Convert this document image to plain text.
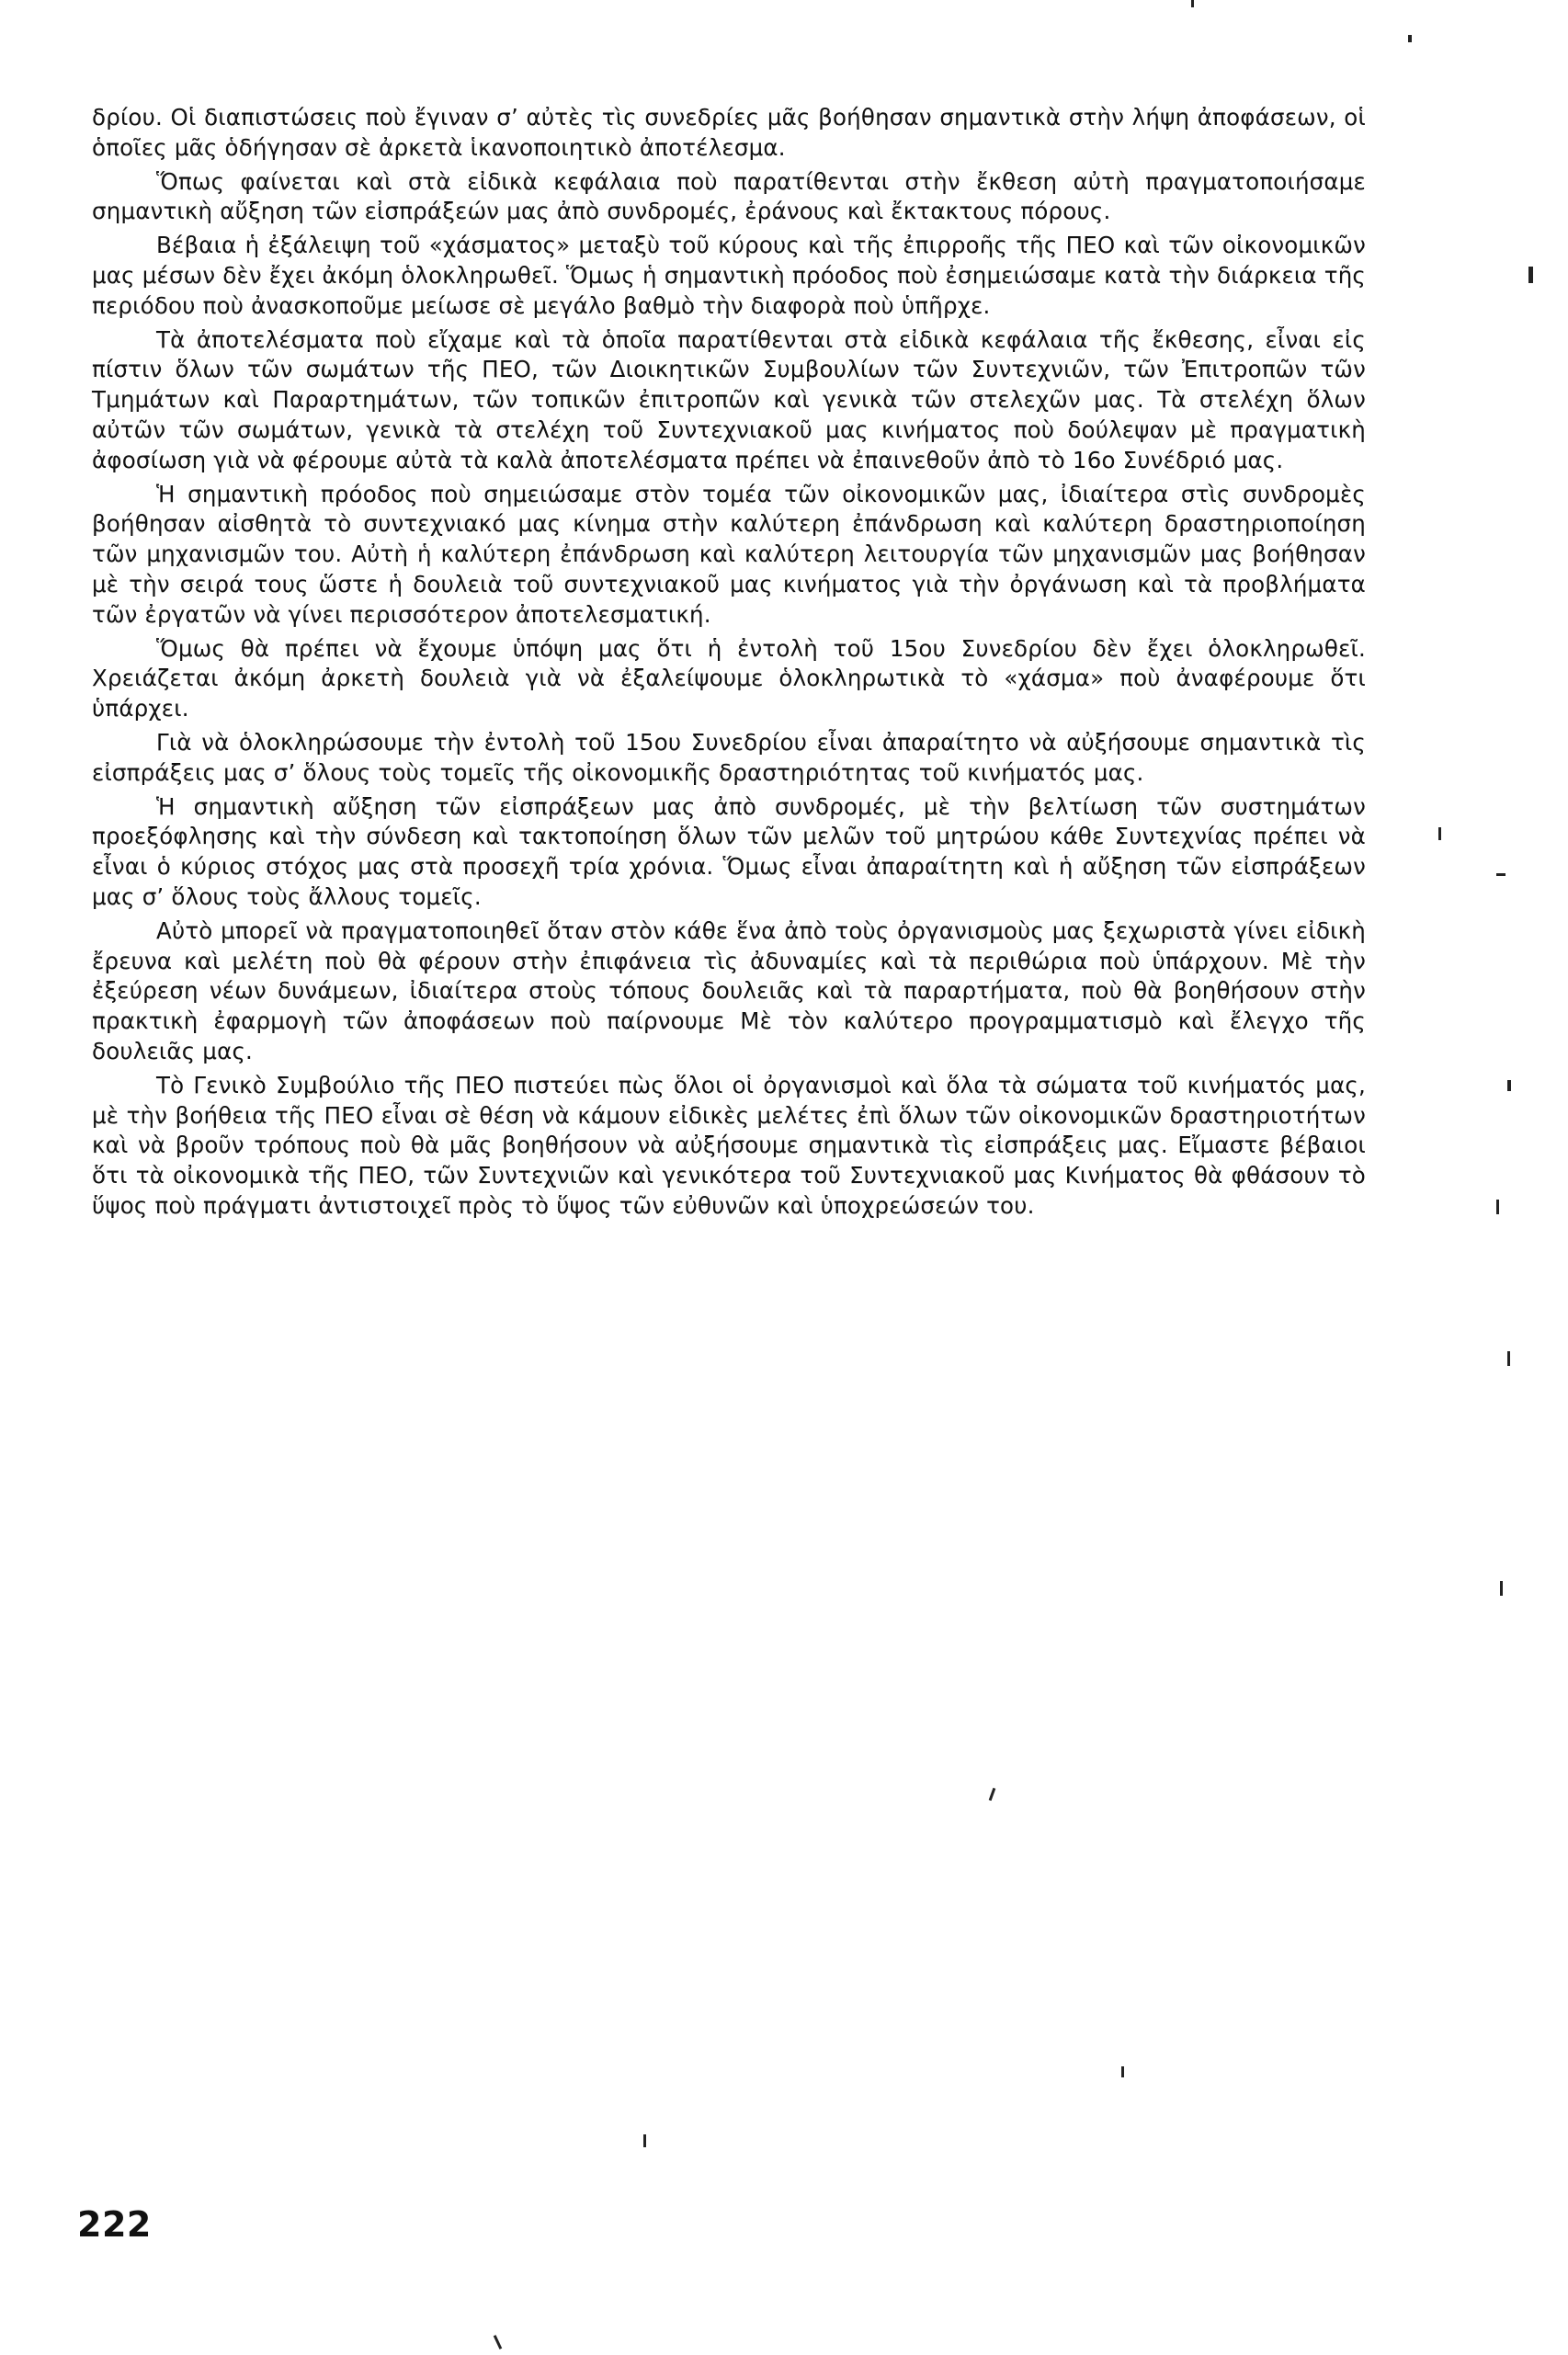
δρίου. Οἱ διαπιστώσεις ποὺ ἔγιναν σ’ αὐτὲς τὶς συνεδρίες μᾶς βοήθησαν σημαντικὰ στὴν λήψη ἀποφάσεων, οἱ ὁποῖες μᾶς ὁδήγησαν σὲ ἀρκετὰ ἱκανοποιητικὸ ἀποτέλεσμα.

Ὅπως φαίνεται καὶ στὰ εἰδικὰ κεφάλαια ποὺ παρατίθενται στὴν ἔκθεση αὐτὴ πραγματοποιήσαμε σημαντικὴ αὔξηση τῶν εἰσπράξεών μας ἀπὸ συνδρομές, ἐράνους καὶ ἔκτακτους πόρους.

Βέβαια ἡ ἐξάλειψη τοῦ «χάσματος» μεταξὺ τοῦ κύρους καὶ τῆς ἐπιρροῆς τῆς ΠΕΟ καὶ τῶν οἰκονομικῶν μας μέσων δὲν ἔχει ἀκόμη ὁλοκληρωθεῖ. Ὅμως ἡ σημαντικὴ πρόοδος ποὺ ἐσημειώσαμε κατὰ τὴν διάρκεια τῆς περιόδου ποὺ ἀνασκοποῦμε μείωσε σὲ μεγάλο βαθμὸ τὴν διαφορὰ ποὺ ὑπῆρχε.

Τὰ ἀποτελέσματα ποὺ εἴχαμε καὶ τὰ ὁποῖα παρατίθενται στὰ εἰδικὰ κεφάλαια τῆς ἔκθεσης, εἶναι εἰς πίστιν ὅλων τῶν σωμάτων τῆς ΠΕΟ, τῶν Διοικητικῶν Συμβουλίων τῶν Συντεχνιῶν, τῶν Ἐπιτροπῶν τῶν Τμημάτων καὶ Παραρτημάτων, τῶν τοπικῶν ἐπιτροπῶν καὶ γενικὰ τῶν στελεχῶν μας. Τὰ στελέχη ὅλων αὐτῶν τῶν σωμάτων, γενικὰ τὰ στελέχη τοῦ Συντεχνιακοῦ μας κινήματος ποὺ δούλεψαν μὲ πραγματικὴ ἀφοσίωση γιὰ νὰ φέρουμε αὐτὰ τὰ καλὰ ἀποτελέσματα πρέπει νὰ ἐπαινεθοῦν ἀπὸ τὸ 16ο Συνέδριό μας.

Ἡ σημαντικὴ πρόοδος ποὺ σημειώσαμε στὸν τομέα τῶν οἰκονομικῶν μας, ἰδιαίτερα στὶς συνδρομὲς βοήθησαν αἰσθητὰ τὸ συντεχνιακό μας κίνημα στὴν καλύτερη ἐπάνδρωση καὶ καλύτερη δραστηριοποίηση τῶν μηχανισμῶν του. Αὐτὴ ἡ καλύτερη ἐπάνδρωση καὶ καλύτερη λειτουργία τῶν μηχανισμῶν μας βοήθησαν μὲ τὴν σειρά τους ὥστε ἡ δουλειὰ τοῦ συντεχνιακοῦ μας κινήματος γιὰ τὴν ὀργάνωση καὶ τὰ προβλήματα τῶν ἐργατῶν νὰ γίνει περισσότερον ἀποτελεσματική.

Ὅμως θὰ πρέπει νὰ ἔχουμε ὑπόψη μας ὅτι ἡ ἐντολὴ τοῦ 15ου Συνεδρίου δὲν ἔχει ὁλοκληρωθεῖ. Χρειάζεται ἀκόμη ἀρκετὴ δουλειὰ γιὰ νὰ ἐξαλείψουμε ὁλοκληρωτικὰ τὸ «χάσμα» ποὺ ἀναφέρουμε ὅτι ὑπάρχει.

Γιὰ νὰ ὁλοκληρώσουμε τὴν ἐντολὴ τοῦ 15ου Συνεδρίου εἶναι ἀπαραίτητο νὰ αὐξήσουμε σημαντικὰ τὶς εἰσπράξεις μας σ’ ὅλους τοὺς τομεῖς τῆς οἰκονομικῆς δραστηριότητας τοῦ κινήματός μας.

Ἡ σημαντικὴ αὔξηση τῶν εἰσπράξεων μας ἀπὸ συνδρομές, μὲ τὴν βελτίωση τῶν συστημάτων προεξόφλησης καὶ τὴν σύνδεση καὶ τακτοποίηση ὅλων τῶν μελῶν τοῦ μητρώου κάθε Συντεχνίας πρέπει νὰ εἶναι ὁ κύριος στόχος μας στὰ προσεχῆ τρία χρόνια. Ὅμως εἶναι ἀπαραίτητη καὶ ἡ αὔξηση τῶν εἰσπράξεων μας σ’ ὅλους τοὺς ἄλλους τομεῖς.

Αὐτὸ μπορεῖ νὰ πραγματοποιηθεῖ ὅταν στὸν κάθε ἕνα ἀπὸ τοὺς ὀργανισμοὺς μας ξεχωριστὰ γίνει εἰδικὴ ἔρευνα καὶ μελέτη ποὺ θὰ φέρουν στὴν ἐπιφάνεια τὶς ἀδυναμίες καὶ τὰ περιθώρια ποὺ ὑπάρχουν. Μὲ τὴν ἐξεύρεση νέων δυνάμεων, ἰδιαίτερα στοὺς τόπους δουλειᾶς καὶ τὰ παραρτήματα, ποὺ θὰ βοηθήσουν στὴν πρακτικὴ ἐφαρμογὴ τῶν ἀποφάσεων ποὺ παίρνουμε Μὲ τὸν καλύτερο προγραμματισμὸ καὶ ἔλεγχο τῆς δουλειᾶς μας.

Τὸ Γενικὸ Συμβούλιο τῆς ΠΕΟ πιστεύει πὼς ὅλοι οἱ ὀργανισμοὶ καὶ ὅλα τὰ σώματα τοῦ κινήματός μας, μὲ τὴν βοήθεια τῆς ΠΕΟ εἶναι σὲ θέση νὰ κάμουν εἰδικὲς μελέτες ἐπὶ ὅλων τῶν οἰκονομικῶν δραστηριοτήτων καὶ νὰ βροῦν τρόπους ποὺ θὰ μᾶς βοηθήσουν νὰ αὐξήσουμε σημαντικὰ τὶς εἰσπράξεις μας. Εἴμαστε βέβαιοι ὅτι τὰ οἰκονομικὰ τῆς ΠΕΟ, τῶν Συντεχνιῶν καὶ γενικότερα τοῦ Συντεχνιακοῦ μας Κινήματος θὰ φθάσουν τὸ ὕψος ποὺ πράγματι ἀντιστοιχεῖ πρὸς τὸ ὕψος τῶν εὐθυνῶν καὶ ὑποχρεώσεών του.

222
